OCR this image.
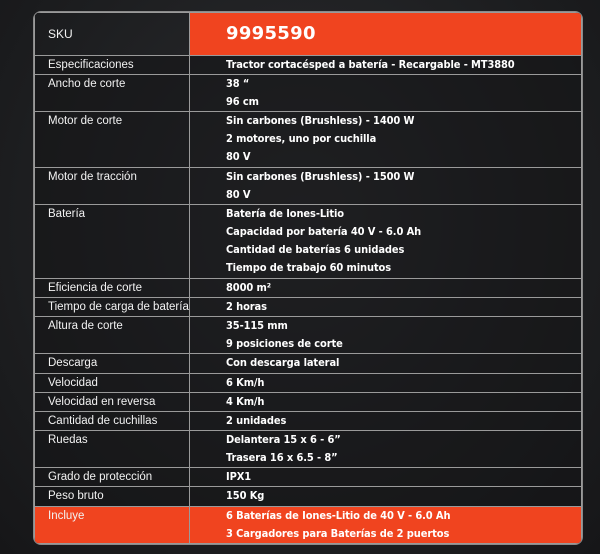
SKU	9995590
Especificaciones	Tractor cortacésped a batería - Recargable - MT3880

Ancho de corte	38 “
96 cm

Motor de corte	Sin carbones (Brushless) - 1400 W
2 motores, uno por cuchilla
80 V

Motor de tracción	Sin carbones (Brushless) - 1500 W
80 V

Batería	Batería de Iones-Litio
Capacidad por batería 40 V - 6.0 Ah
Cantidad de baterías 6 unidades
Tiempo de trabajo 60 minutos

Eficiencia de corte	8000 m²

Tiempo de carga de batería	2 horas

Altura de corte	35-115 mm
9 posiciones de corte

Descarga	Con descarga lateral

Velocidad	6 Km/h

Velocidad en reversa	4 Km/h

Cantidad de cuchillas	2 unidades

Ruedas	Delantera 15 x 6 - 6”
Trasera 16 x 6.5 - 8”

Grado de protección	IPX1

Peso bruto	150 Kg

Incluye	6 Baterías de Iones-Litio de 40 V - 6.0 Ah
3 Cargadores para Baterías de 2 puertos
